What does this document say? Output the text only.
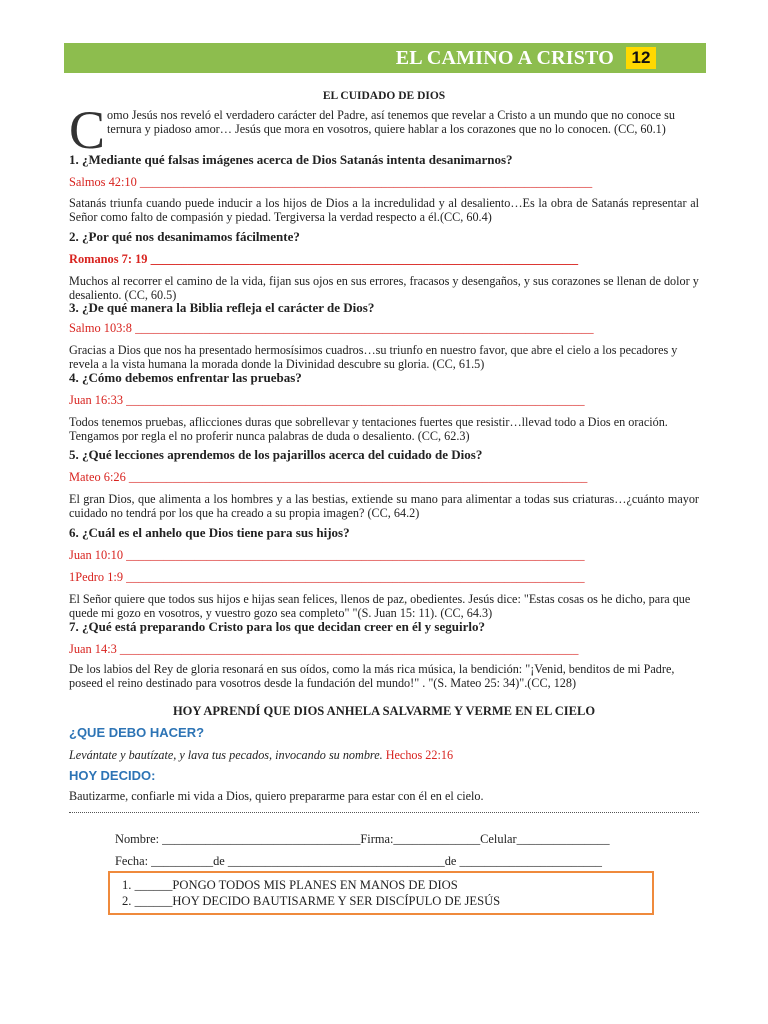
EL CAMINO A CRISTO	12
EL CUIDADO DE DIOS
C omo Jesús nos reveló el verdadero carácter del Padre, así tenemos que revelar a Cristo a un mundo que no conoce su ternura y piadoso amor… Jesús que mora en vosotros, quiere hablar a los corazones que no lo conocen. (CC, 60.1)
1. ¿Mediante qué falsas imágenes acerca de Dios Satanás intenta desanimarnos?
Salmos 42:10 _________________________________________________________________________
Satanás triunfa cuando puede inducir a los hijos de Dios a la incredulidad y al desaliento…Es la obra de Satanás representar al Señor como falto de compasión y piedad. Tergiversa la verdad respecto a él.(CC, 60.4)
2. ¿Por qué nos desanimamos fácilmente?
Romanos 7: 19 _____________________________________________________________________
Muchos al recorrer el camino de la vida, fijan sus ojos en sus errores, fracasos y desengaños, y sus corazones se llenan de dolor y desaliento. (CC, 60.5)
3. ¿De qué manera la Biblia refleja el carácter de Dios?
Salmo 103:8 __________________________________________________________________________
Gracias a Dios que nos ha presentado hermosísimos cuadros…su triunfo en nuestro favor, que abre el cielo a los pecadores y revela a la vista humana la morada donde la Divinidad descubre su gloria. (CC, 61.5)
4. ¿Cómo debemos enfrentar las pruebas?
Juan 16:33 __________________________________________________________________________
Todos tenemos pruebas, aflicciones duras que sobrellevar y tentaciones fuertes que resistir…llevad todo a Dios en oración. Tengamos por regla el no proferir nunca palabras de duda o desaliento. (CC, 62.3)
5. ¿Qué lecciones aprendemos de los pajarillos acerca del cuidado de Dios?
Mateo 6:26 __________________________________________________________________________
El gran Dios, que alimenta a los hombres y a las bestias, extiende su mano para alimentar a todas sus criaturas…¿cuánto mayor cuidado no tendrá por los que ha creado a su propia imagen? (CC, 64.2)
6. ¿Cuál es el anhelo que Dios tiene para sus hijos?
Juan 10:10 __________________________________________________________________________
1Pedro 1:9 __________________________________________________________________________
El Señor quiere que todos sus hijos e hijas sean felices, llenos de paz, obedientes. Jesús dice: "Estas cosas os he dicho, para que quede mi gozo en vosotros, y vuestro gozo sea completo" "(S. Juan 15: 11). (CC, 64.3)
7. ¿Qué está preparando Cristo para los que decidan creer en él y seguirlo?
Juan 14:3 __________________________________________________________________________
De los labios del Rey de gloria resonará en sus oídos, como la más rica música, la bendición: "¡Venid, benditos de mi Padre, poseed el reino destinado para vosotros desde la fundación del mundo!" . "(S. Mateo 25: 34)".(CC, 128)
HOY APRENDÍ QUE DIOS ANHELA SALVARME Y VERME EN EL CIELO
¿QUE DEBO HACER?
Levántate y bautízate, y lava tus pecados, invocando su nombre. Hechos 22:16
HOY DECIDO:
Bautizarme, confiarle mi vida a Dios, quiero prepararme para estar con él en el cielo.
Nombre: ________________________________Firma:______________Celular_______________
Fecha: __________de ___________________________________de _______________________
1. ______PONGO TODOS MIS PLANES EN MANOS DE DIOS
2. ______HOY DECIDO BAUTISARME Y SER DISCÍPULO DE JESÚS
